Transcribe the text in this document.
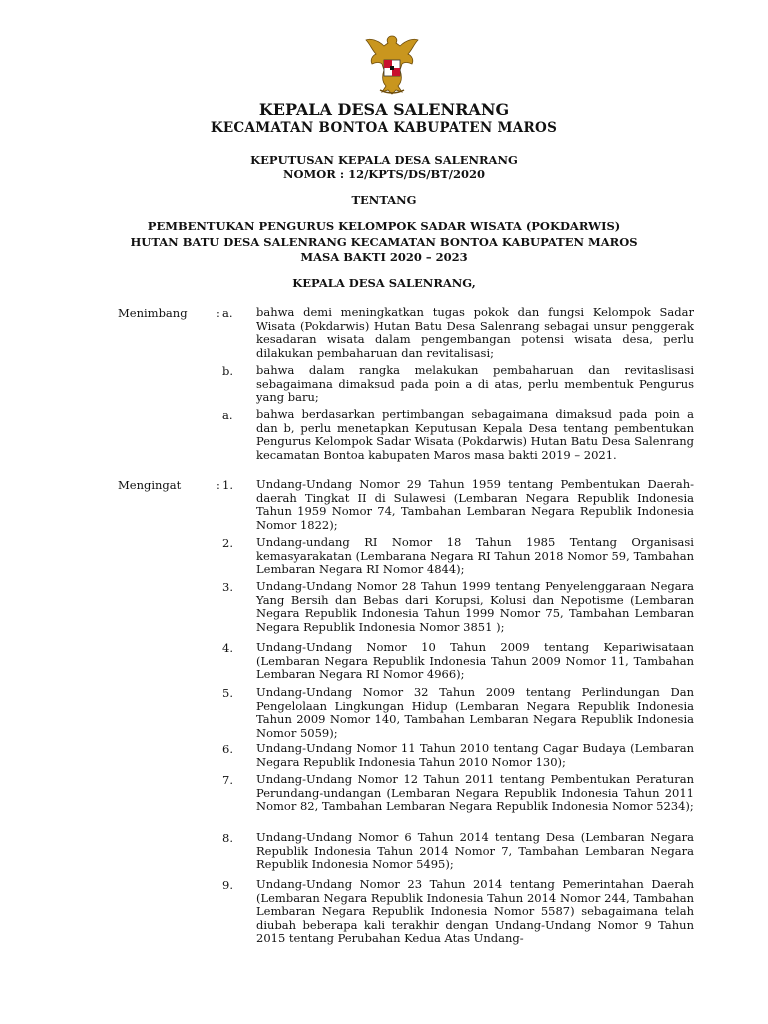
KEPALA DESA SALENRANG
KECAMATAN BONTOA KABUPATEN MAROS
KEPUTUSAN KEPALA DESA SALENRANG
NOMOR : 12/KPTS/DS/BT/2020
TENTANG
PEMBENTUKAN PENGURUS KELOMPOK SADAR WISATA (POKDARWIS)
HUTAN BATU DESA SALENRANG KECAMATAN BONTOA KABUPATEN MAROS
MASA BAKTI 2020 – 2023
KEPALA DESA SALENRANG,
Menimbang : a. bahwa demi meningkatkan tugas pokok dan fungsi Kelompok Sadar Wisata (Pokdarwis) Hutan Batu Desa Salenrang sebagai unsur penggerak kesadaran wisata dalam pengembangan potensi wisata desa, perlu dilakukan pembaharuan dan revitalisasi;
b. bahwa dalam rangka melakukan pembaharuan dan revitaslisasi sebagaimana dimaksud pada poin a di atas, perlu membentuk Pengurus yang baru;
a. bahwa berdasarkan pertimbangan sebagaimana dimaksud pada poin a dan b, perlu menetapkan Keputusan Kepala Desa tentang pembentukan Pengurus Kelompok Sadar Wisata (Pokdarwis) Hutan Batu Desa Salenrang kecamatan Bontoa kabupaten Maros masa bakti 2019 – 2021.
Mengingat	: 1. Undang-Undang Nomor 29 Tahun 1959 tentang Pembentukan Daerah-daerah Tingkat II di Sulawesi (Lembaran Negara Republik Indonesia Tahun 1959 Nomor 74, Tambahan Lembaran Negara Republik Indonesia Nomor 1822);
2. Undang-undang RI Nomor 18 Tahun 1985 Tentang Organisasi kemasyarakatan (Lembarana Negara RI Tahun 2018 Nomor 59, Tambahan Lembaran Negara RI Nomor 4844);
3. Undang-Undang Nomor 28 Tahun 1999 tentang Penyelenggaraan Negara Yang Bersih dan Bebas dari Korupsi, Kolusi dan Nepotisme (Lembaran Negara Republik Indonesia Tahun 1999 Nomor 75, Tambahan Lembaran Negara Republik Indonesia Nomor 3851 );
4. Undang-Undang Nomor 10 Tahun 2009 tentang Kepariwisataan (Lembaran Negara Republik Indonesia Tahun 2009 Nomor 11, Tambahan Lembaran Negara RI Nomor 4966);
5. Undang-Undang Nomor 32 Tahun 2009 tentang Perlindungan Dan Pengelolaan Lingkungan Hidup (Lembaran Negara Republik Indonesia Tahun 2009 Nomor 140, Tambahan Lembaran Negara Republik Indonesia Nomor 5059);
6. Undang-Undang Nomor 11 Tahun 2010 tentang Cagar Budaya (Lembaran Negara Republik Indonesia Tahun 2010 Nomor 130);
7. Undang-Undang Nomor 12 Tahun 2011 tentang Pembentukan Peraturan Perundang-undangan (Lembaran Negara Republik Indonesia Tahun 2011 Nomor 82, Tambahan Lembaran Negara Republik Indonesia Nomor 5234);
8. Undang-Undang Nomor 6 Tahun 2014 tentang Desa (Lembaran Negara Republik Indonesia Tahun 2014 Nomor 7, Tambahan Lembaran Negara Republik Indonesia Nomor 5495);
9. Undang-Undang Nomor 23 Tahun 2014 tentang Pemerintahan Daerah (Lembaran Negara Republik Indonesia Tahun 2014 Nomor 244, Tambahan Lembaran Negara Republik Indonesia Nomor 5587) sebagaimana telah diubah beberapa kali terakhir dengan Undang-Undang Nomor 9 Tahun 2015 tentang Perubahan Kedua Atas Undang-
